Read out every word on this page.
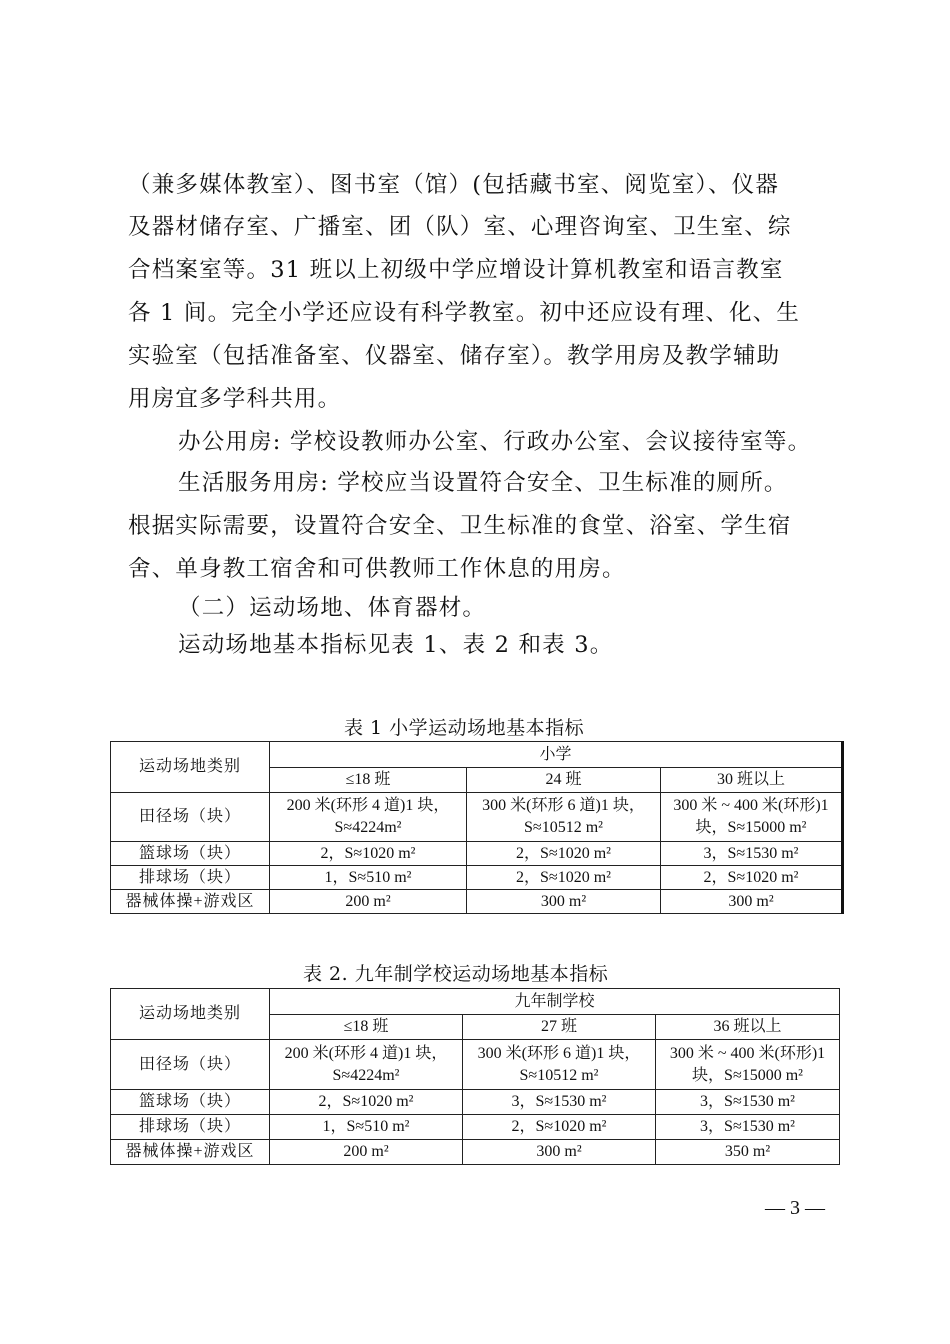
（兼多媒体教室）、图书室（馆）(包括藏书室、阅览室）、仪器
及器材储存室、广播室、团（队）室、心理咨询室、卫生室、综
合档案室等。31 班以上初级中学应增设计算机教室和语言教室
各 1 间。完全小学还应设有科学教室。初中还应设有理、化、生
实验室（包括准备室、仪器室、储存室）。教学用房及教学辅助
用房宜多学科共用。
办公用房: 学校设教师办公室、行政办公室、会议接待室等。
生活服务用房: 学校应当设置符合安全、卫生标准的厕所。
根据实际需要，设置符合安全、卫生标准的食堂、浴室、学生宿
舍、单身教工宿舍和可供教师工作休息的用房。
（二）运动场地、体育器材。
运动场地基本指标见表 1、表 2 和表 3。
表 1 小学运动场地基本指标
运动场地类别	小学		
	≤18 班	24 班	30 班以上
田径场（块）	200 米(环形 4 道)1 块，S≈4224m²	300 米(环形 6 道)1 块，S≈10512 m²	300 米 ~ 400 米(环形)1 块，S≈15000 m²
篮球场（块）	2，S≈1020 m²	2，S≈1020 m²	3，S≈1530 m²
排球场（块）	1，S≈510 m²	2，S≈1020 m²	2，S≈1020 m²
器械体操+游戏区	200 m²	300 m²	300 m²
表 2. 九年制学校运动场地基本指标
运动场地类别	九年制学校		
	≤18 班	27 班	36 班以上
田径场（块）	200 米(环形 4 道)1 块，S≈4224m²	300 米(环形 6 道)1 块，S≈10512 m²	300 米 ~ 400 米(环形)1 块，S≈15000 m²
篮球场（块）	2，S≈1020 m²	3，S≈1530 m²	3，S≈1530 m²
排球场（块）	1，S≈510 m²	2，S≈1020 m²	3，S≈1530 m²
器械体操+游戏区	200 m²	300 m²	350 m²
— 3 —
